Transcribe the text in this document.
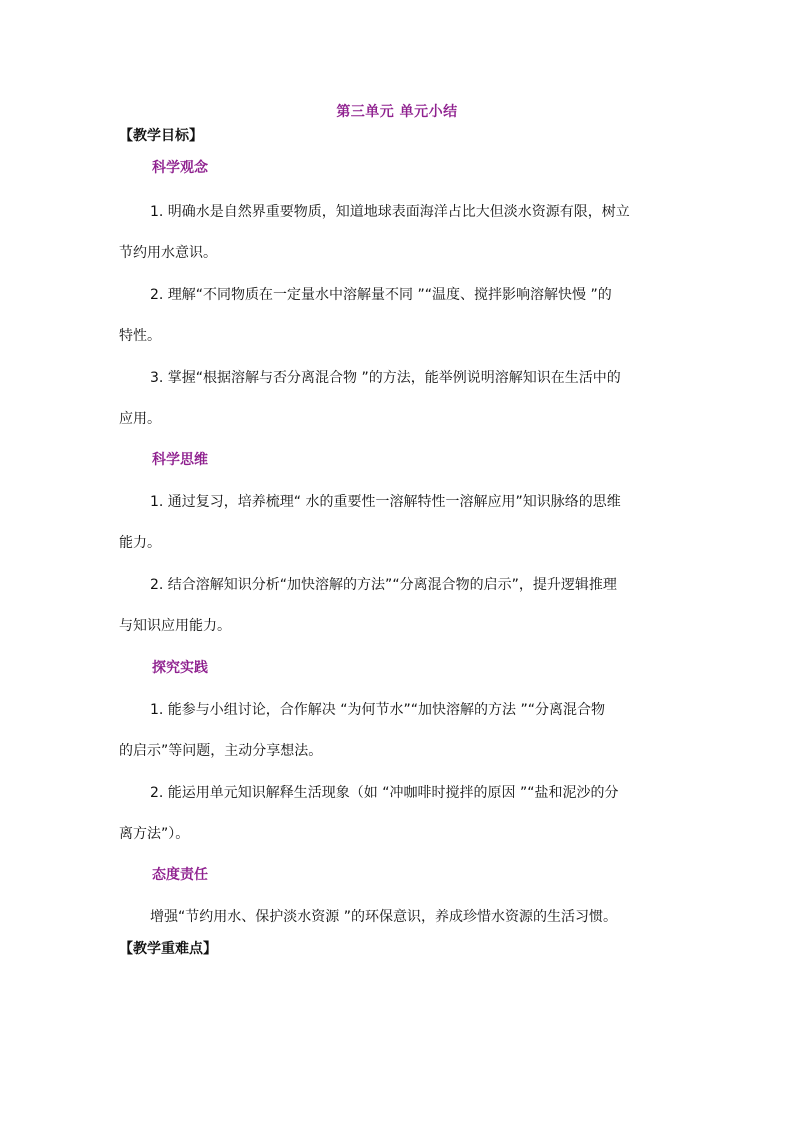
第三单元 单元小结
【教学目标】
科学观念
1. 明确水是自然界重要物质，知道地球表面海洋占比大但淡水资源有限，树立
节约用水意识。
2. 理解“不同物质在一定量水中溶解量不同 ”“温度、搅拌影响溶解快慢 ”的
特性。
3. 掌握“根据溶解与否分离混合物 ”的方法，能举例说明溶解知识在生活中的
应用。
科学思维
1. 通过复习，培养梳理“ 水的重要性一溶解特性一溶解应用”知识脉络的思维
能力。
2. 结合溶解知识分析“加快溶解的方法”“分离混合物的启示”，提升逻辑推理
与知识应用能力。
探究实践
1. 能参与小组讨论，合作解决 “为何节水”“加快溶解的方法 ”“分离混合物
的启示”等问题，主动分享想法。
2. 能运用单元知识解释生活现象（如 “冲咖啡时搅拌的原因 ”“盐和泥沙的分
离方法”）。
态度责任
增强“节约用水、保护淡水资源 ”的环保意识，养成珍惜水资源的生活习惯。
【教学重难点】
